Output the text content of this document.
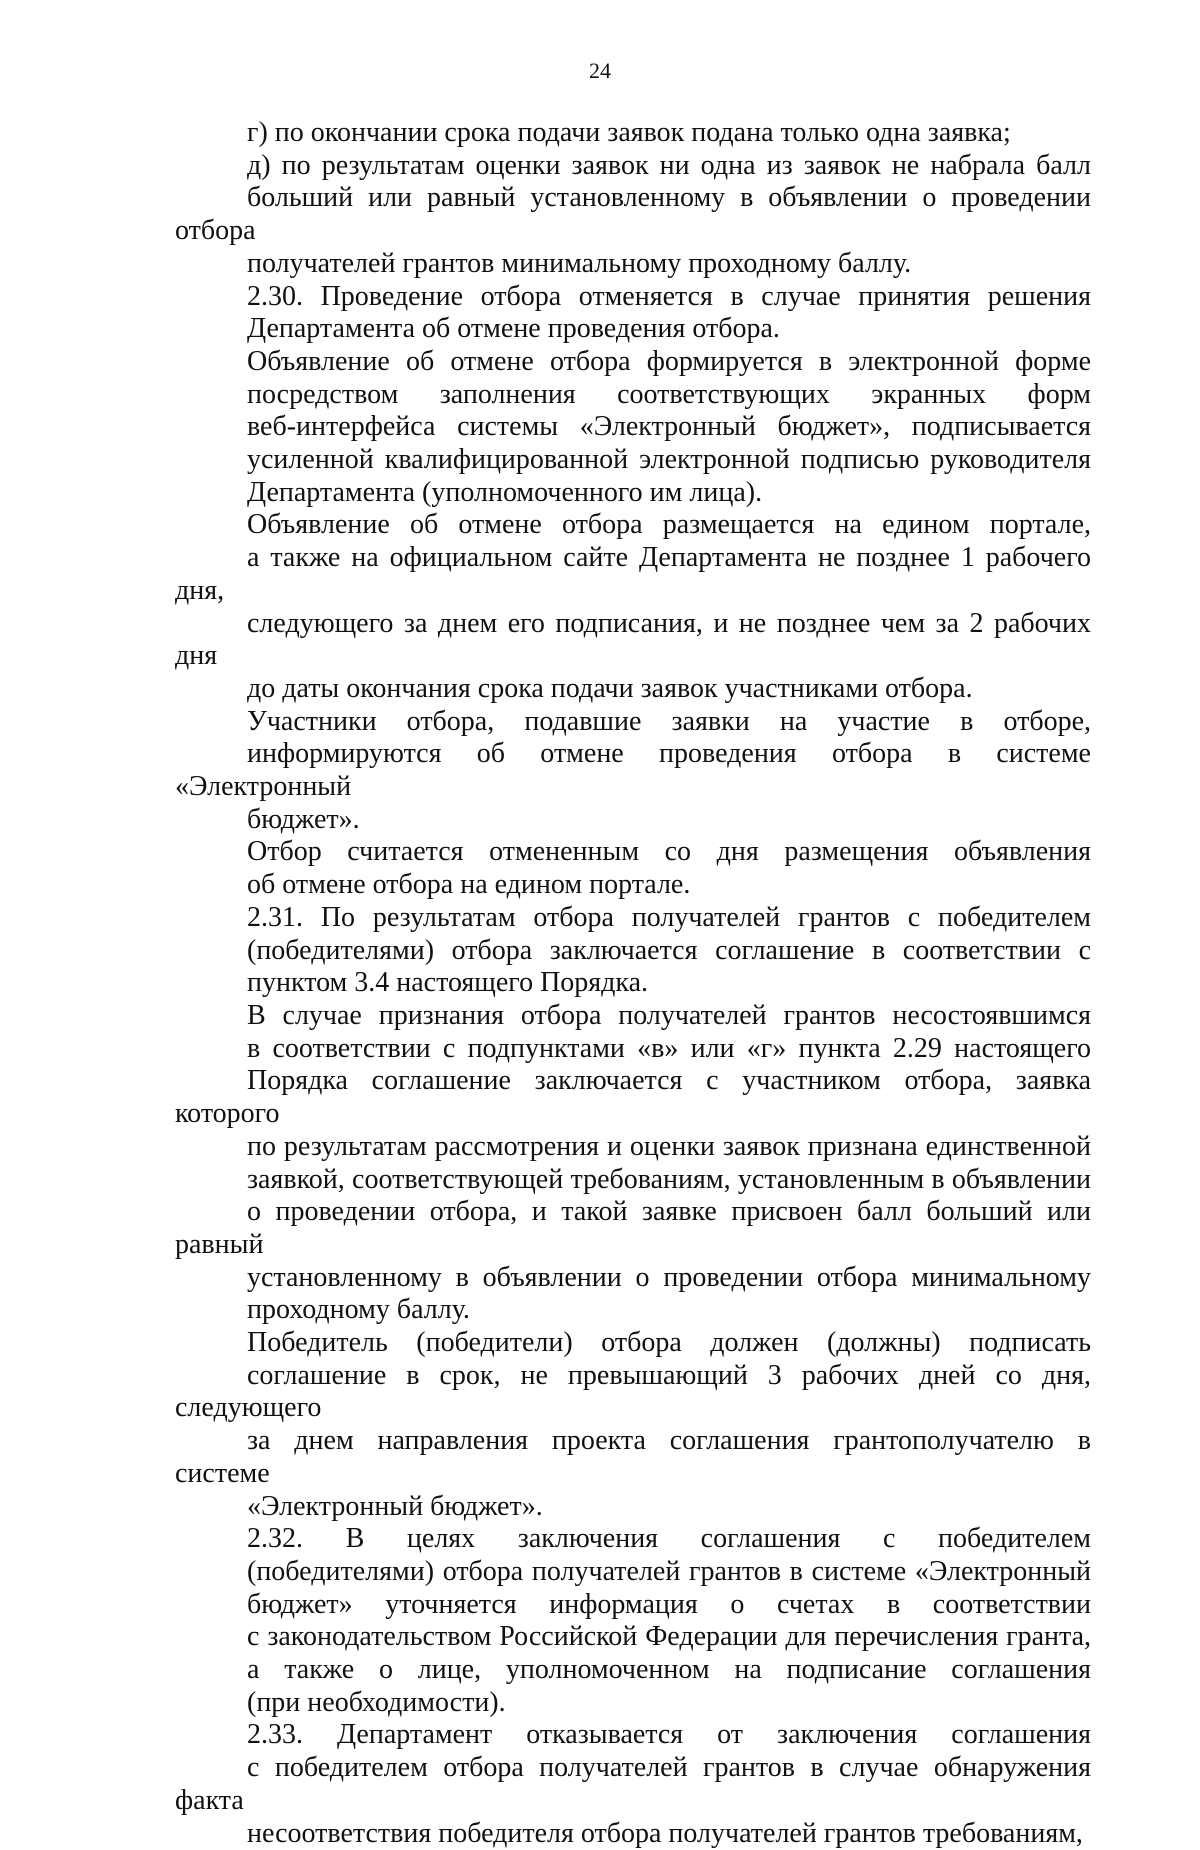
24

г) по окончании срока подачи заявок подана только одна заявка;

д) по результатам оценки заявок ни одна из заявок не набрала балл
больший или равный установленному в объявлении о проведении отбора
получателей грантов минимальному проходному баллу.

2.30. Проведение отбора отменяется в случае принятия решения
Департамента об отмене проведения отбора.

Объявление об отмене отбора формируется в электронной форме
посредством заполнения соответствующих экранных форм
веб-интерфейса системы «Электронный бюджет», подписывается
усиленной квалифицированной электронной подписью руководителя
Департамента (уполномоченного им лица).

Объявление об отмене отбора размещается на едином портале,
а также на официальном сайте Департамента не позднее 1 рабочего дня,
следующего за днем его подписания, и не позднее чем за 2 рабочих дня
до даты окончания срока подачи заявок участниками отбора.

Участники отбора, подавшие заявки на участие в отборе,
информируются об отмене проведения отбора в системе «Электронный
бюджет».

Отбор считается отмененным со дня размещения объявления
об отмене отбора на едином портале.

2.31. По результатам отбора получателей грантов с победителем
(победителями) отбора заключается соглашение в соответствии с
пунктом 3.4 настоящего Порядка.

В случае признания отбора получателей грантов несостоявшимся
в соответствии с подпунктами «в» или «г» пункта 2.29 настоящего
Порядка соглашение заключается с участником отбора, заявка которого
по результатам рассмотрения и оценки заявок признана единственной
заявкой, соответствующей требованиям, установленным в объявлении
о проведении отбора, и такой заявке присвоен балл больший или равный
установленному в объявлении о проведении отбора минимальному
проходному баллу.

Победитель (победители) отбора должен (должны) подписать
соглашение в срок, не превышающий 3 рабочих дней со дня, следующего
за днем направления проекта соглашения грантополучателю в системе
«Электронный бюджет».

2.32. В целях заключения соглашения с победителем
(победителями) отбора получателей грантов в системе «Электронный
бюджет» уточняется информация о счетах в соответствии
с законодательством Российской Федерации для перечисления гранта,
а также о лице, уполномоченном на подписание соглашения
(при необходимости).

2.33. Департамент отказывается от заключения соглашения
с победителем отбора получателей грантов в случае обнаружения факта
несоответствия победителя отбора получателей грантов требованиям,
